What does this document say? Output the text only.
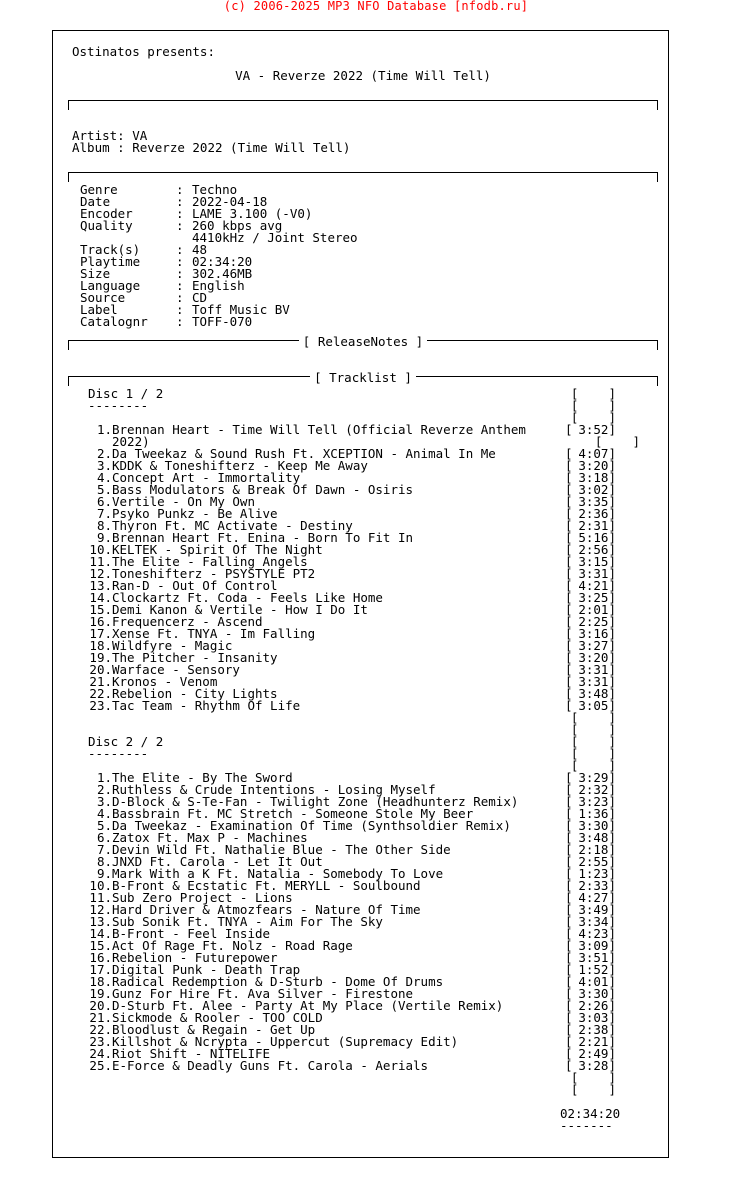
(c) 2006-2025 MP3 NFO Database [nfodb.ru]
Ostinatos presents:
VA - Reverze 2022 (Time Will Tell)
Artist: VA
Album : Reverze 2022 (Time Will Tell)
Genre	: Techno
Date	: 2022-04-18
Encoder	: LAME 3.100 (-V0)
Quality	: 260 kbps avg
4410kHz / Joint Stereo
Track(s)	: 48
Playtime	: 02:34:20
Size	: 302.46MB
Language	: English
Source	: CD
Label	: Toff Music BV
Catalognr	: TOFF-070
[ ReleaseNotes ]
[ Tracklist ]
Disc 1 / 2	[    ]
--------	[    ]
[    ]
1.Brennan Heart - Time Will Tell (Official Reverze Anthem	[ 3:52]
2022)	[    ]
2.Da Tweekaz & Sound Rush Ft. XCEPTION - Animal In Me	[ 4:07]
3.KDDK & Toneshifterz - Keep Me Away	[ 3:20]
4.Concept Art - Immortality	[ 3:18]
5.Bass Modulators & Break Of Dawn - Osiris	[ 3:02]
6.Vertile - On My Own	[ 3:35]
7.Psyko Punkz - Be Alive	[ 2:36]
8.Thyron Ft. MC Activate - Destiny	[ 2:31]
9.Brennan Heart Ft. Enina - Born To Fit In	[ 5:16]
10.KELTEK - Spirit Of The Night	[ 2:56]
11.The Elite - Falling Angels	[ 3:15]
12.Toneshifterz - PSYSTYLE PT2	[ 3:31]
13.Ran-D - Out Of Control	[ 4:21]
14.Clockartz Ft. Coda - Feels Like Home	[ 3:25]
15.Demi Kanon & Vertile - How I Do It	[ 2:01]
16.Frequencerz - Ascend	[ 2:25]
17.Xense Ft. TNYA - Im Falling	[ 3:16]
18.Wildfyre - Magic	[ 3:27]
19.The Pitcher - Insanity	[ 3:20]
20.Warface - Sensory	[ 3:31]
21.Kronos - Venom	[ 3:31]
22.Rebelion - City Lights	[ 3:48]
23.Tac Team - Rhythm Of Life	[ 3:05]
[    ]
[    ]
Disc 2 / 2	[    ]
--------	[    ]
[    ]
1.The Elite - By The Sword	[ 3:29]
2.Ruthless & Crude Intentions - Losing Myself	[ 2:32]
3.D-Block & S-Te-Fan - Twilight Zone (Headhunterz Remix)	[ 3:23]
4.Bassbrain Ft. MC Stretch - Someone Stole My Beer	[ 1:36]
5.Da Tweekaz - Examination Of Time (Synthsoldier Remix)	[ 3:30]
6.Zatox Ft. Max P - Machines	[ 3:48]
7.Devin Wild Ft. Nathalie Blue - The Other Side	[ 2:18]
8.JNXD Ft. Carola - Let It Out	[ 2:55]
9.Mark With a K Ft. Natalia - Somebody To Love	[ 1:23]
10.B-Front & Ecstatic Ft. MERYLL - Soulbound	[ 2:33]
11.Sub Zero Project - Lions	[ 4:27]
12.Hard Driver & Atmozfears - Nature Of Time	[ 3:49]
13.Sub Sonik Ft. TNYA - Aim For The Sky	[ 3:34]
14.B-Front - Feel Inside	[ 4:23]
15.Act Of Rage Ft. Nolz - Road Rage	[ 3:09]
16.Rebelion - Futurepower	[ 3:51]
17.Digital Punk - Death Trap	[ 1:52]
18.Radical Redemption & D-Sturb - Dome Of Drums	[ 4:01]
19.Gunz For Hire Ft. Ava Silver - Firestone	[ 3:30]
20.D-Sturb Ft. Alee - Party At My Place (Vertile Remix)	[ 2:26]
21.Sickmode & Rooler - TOO COLD	[ 3:03]
22.Bloodlust & Regain - Get Up	[ 2:38]
23.Killshot & Ncrypta - Uppercut (Supremacy Edit)	[ 2:21]
24.Riot Shift - NITELIFE	[ 2:49]
25.E-Force & Deadly Guns Ft. Carola - Aerials	[ 3:28]
[    ]
[    ]
02:34:20
-------
